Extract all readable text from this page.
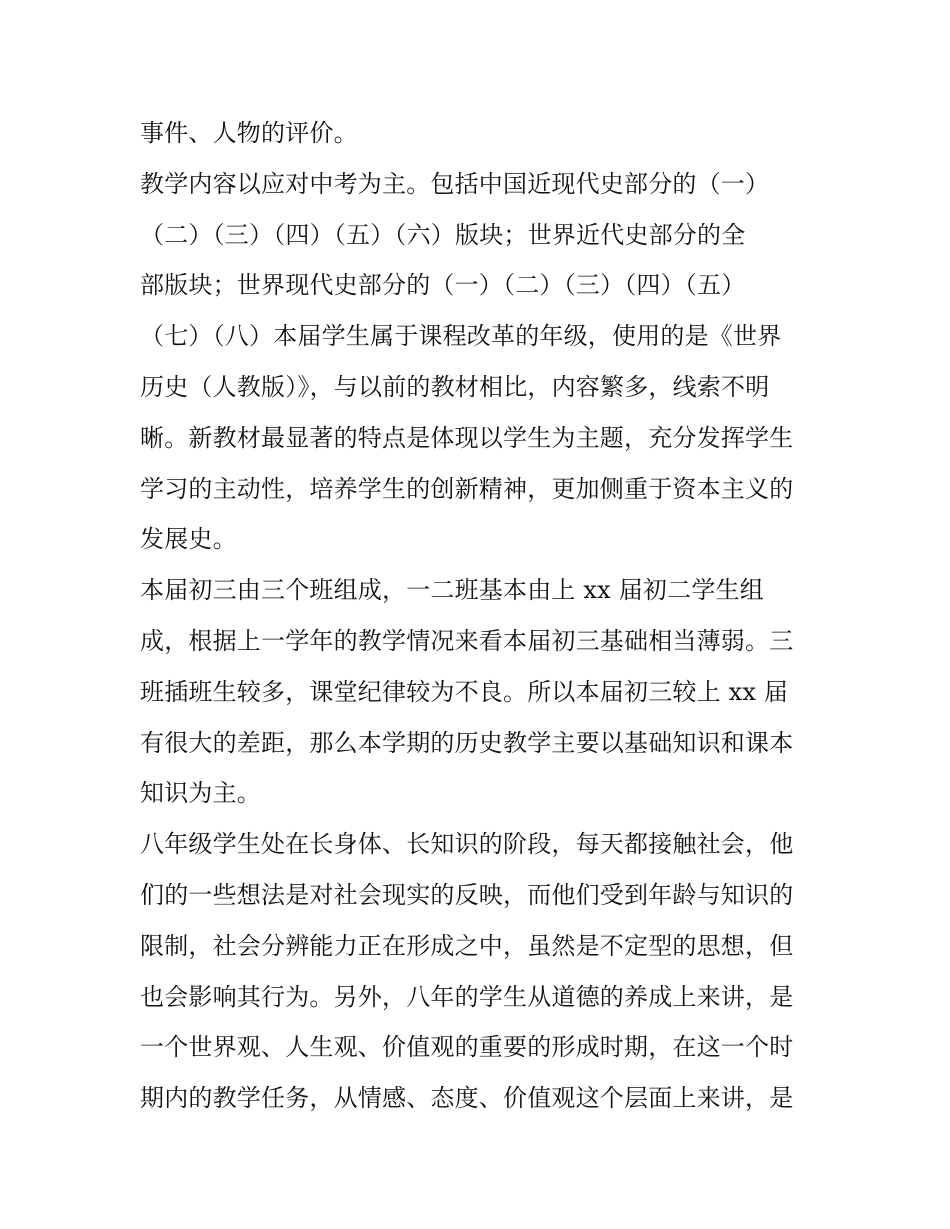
事件、人物的评价。
教学内容以应对中考为主。包括中国近现代史部分的（一）
（二）（三）（四）（五）（六）版块；世界近代史部分的全
部版块；世界现代史部分的（一）（二）（三）（四）（五）
（七）（八）本届学生属于课程改革的年级，使用的是《世界
历史（人教版）》，与以前的教材相比，内容繁多，线索不明
晰。新教材最显著的特点是体现以学生为主题，充分发挥学生
学习的主动性，培养学生的创新精神，更加侧重于资本主义的
发展史。
本届初三由三个班组成，一二班基本由上 xx 届初二学生组
成，根据上一学年的教学情况来看本届初三基础相当薄弱。三
班插班生较多，课堂纪律较为不良。所以本届初三较上 xx 届
有很大的差距，那么本学期的历史教学主要以基础知识和课本
知识为主。
八年级学生处在长身体、长知识的阶段，每天都接触社会，他
们的一些想法是对社会现实的反映，而他们受到年龄与知识的
限制，社会分辨能力正在形成之中，虽然是不定型的思想，但
也会影响其行为。另外，八年的学生从道德的养成上来讲，是
一个世界观、人生观、价值观的重要的形成时期，在这一个时
期内的教学任务，从情感、态度、价值观这个层面上来讲，是
